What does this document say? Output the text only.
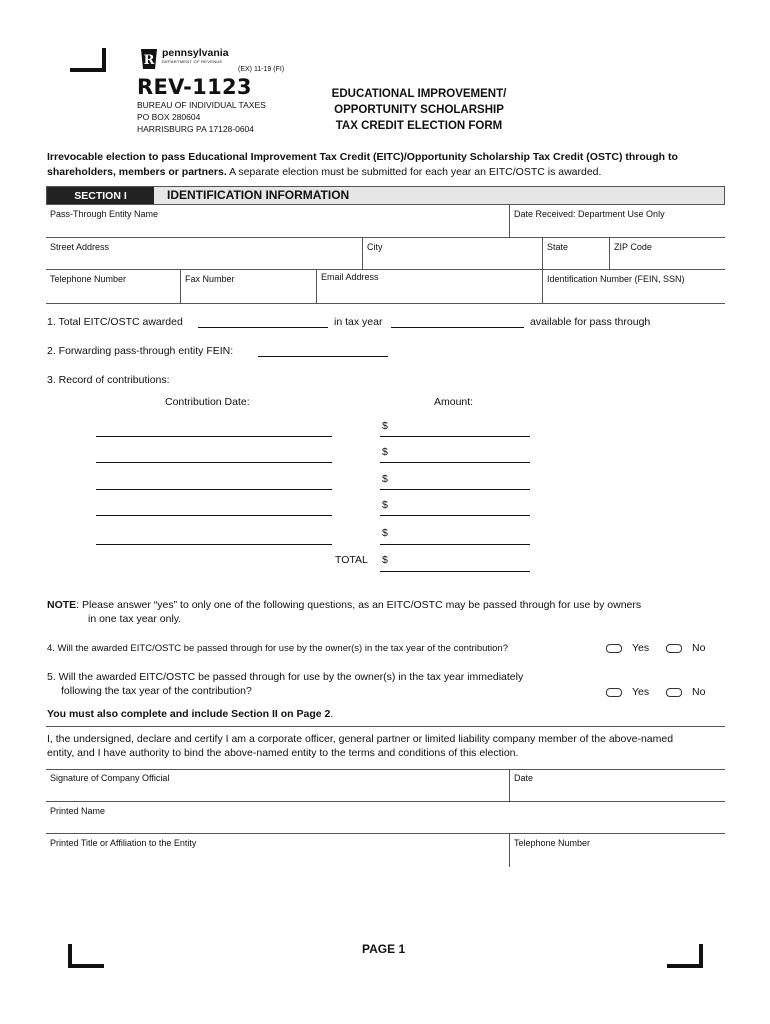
R pennsylvania
DEPARTMENT OF REVENUE
(EX) 11-19 (FI)
REV-1123
BUREAU OF INDIVIDUAL TAXES
PO BOX 280604
HARRISBURG PA 17128-0604
EDUCATIONAL IMPROVEMENT/
OPPORTUNITY SCHOLARSHIP
TAX CREDIT ELECTION FORM
Irrevocable election to pass Educational Improvement Tax Credit (EITC)/Opportunity Scholarship Tax Credit (OSTC) through to shareholders, members or partners. A separate election must be submitted for each year an EITC/OSTC is awarded.
SECTION I	IDENTIFICATION INFORMATION
Pass-Through Entity Name	Date Received: Department Use Only
Street Address	City	State	ZIP Code
Telephone Number	Fax Number	Email Address	Identification Number (FEIN, SSN)
1. Total EITC/OSTC awarded	in tax year	available for pass through
2. Forwarding pass-through entity FEIN:
3. Record of contributions:
Contribution Date:	Amount:
$
$
$
$
$
TOTAL $
NOTE: Please answer “yes” to only one of the following questions, as an EITC/OSTC may be passed through for use by owners
in one tax year only.
4. Will the awarded EITC/OSTC be passed through for use by the owner(s) in the tax year of the contribution?	Yes	No
5. Will the awarded EITC/OSTC be passed through for use by the owner(s) in the tax year immediately
following the tax year of the contribution?	Yes	No
You must also complete and include Section II on Page 2.
I, the undersigned, declare and certify I am a corporate officer, general partner or limited liability company member of the above-named
entity, and I have authority to bind the above-named entity to the terms and conditions of this election.
Signature of Company Official	Date
Printed Name
Printed Title or Affiliation to the Entity	Telephone Number
PAGE 1
